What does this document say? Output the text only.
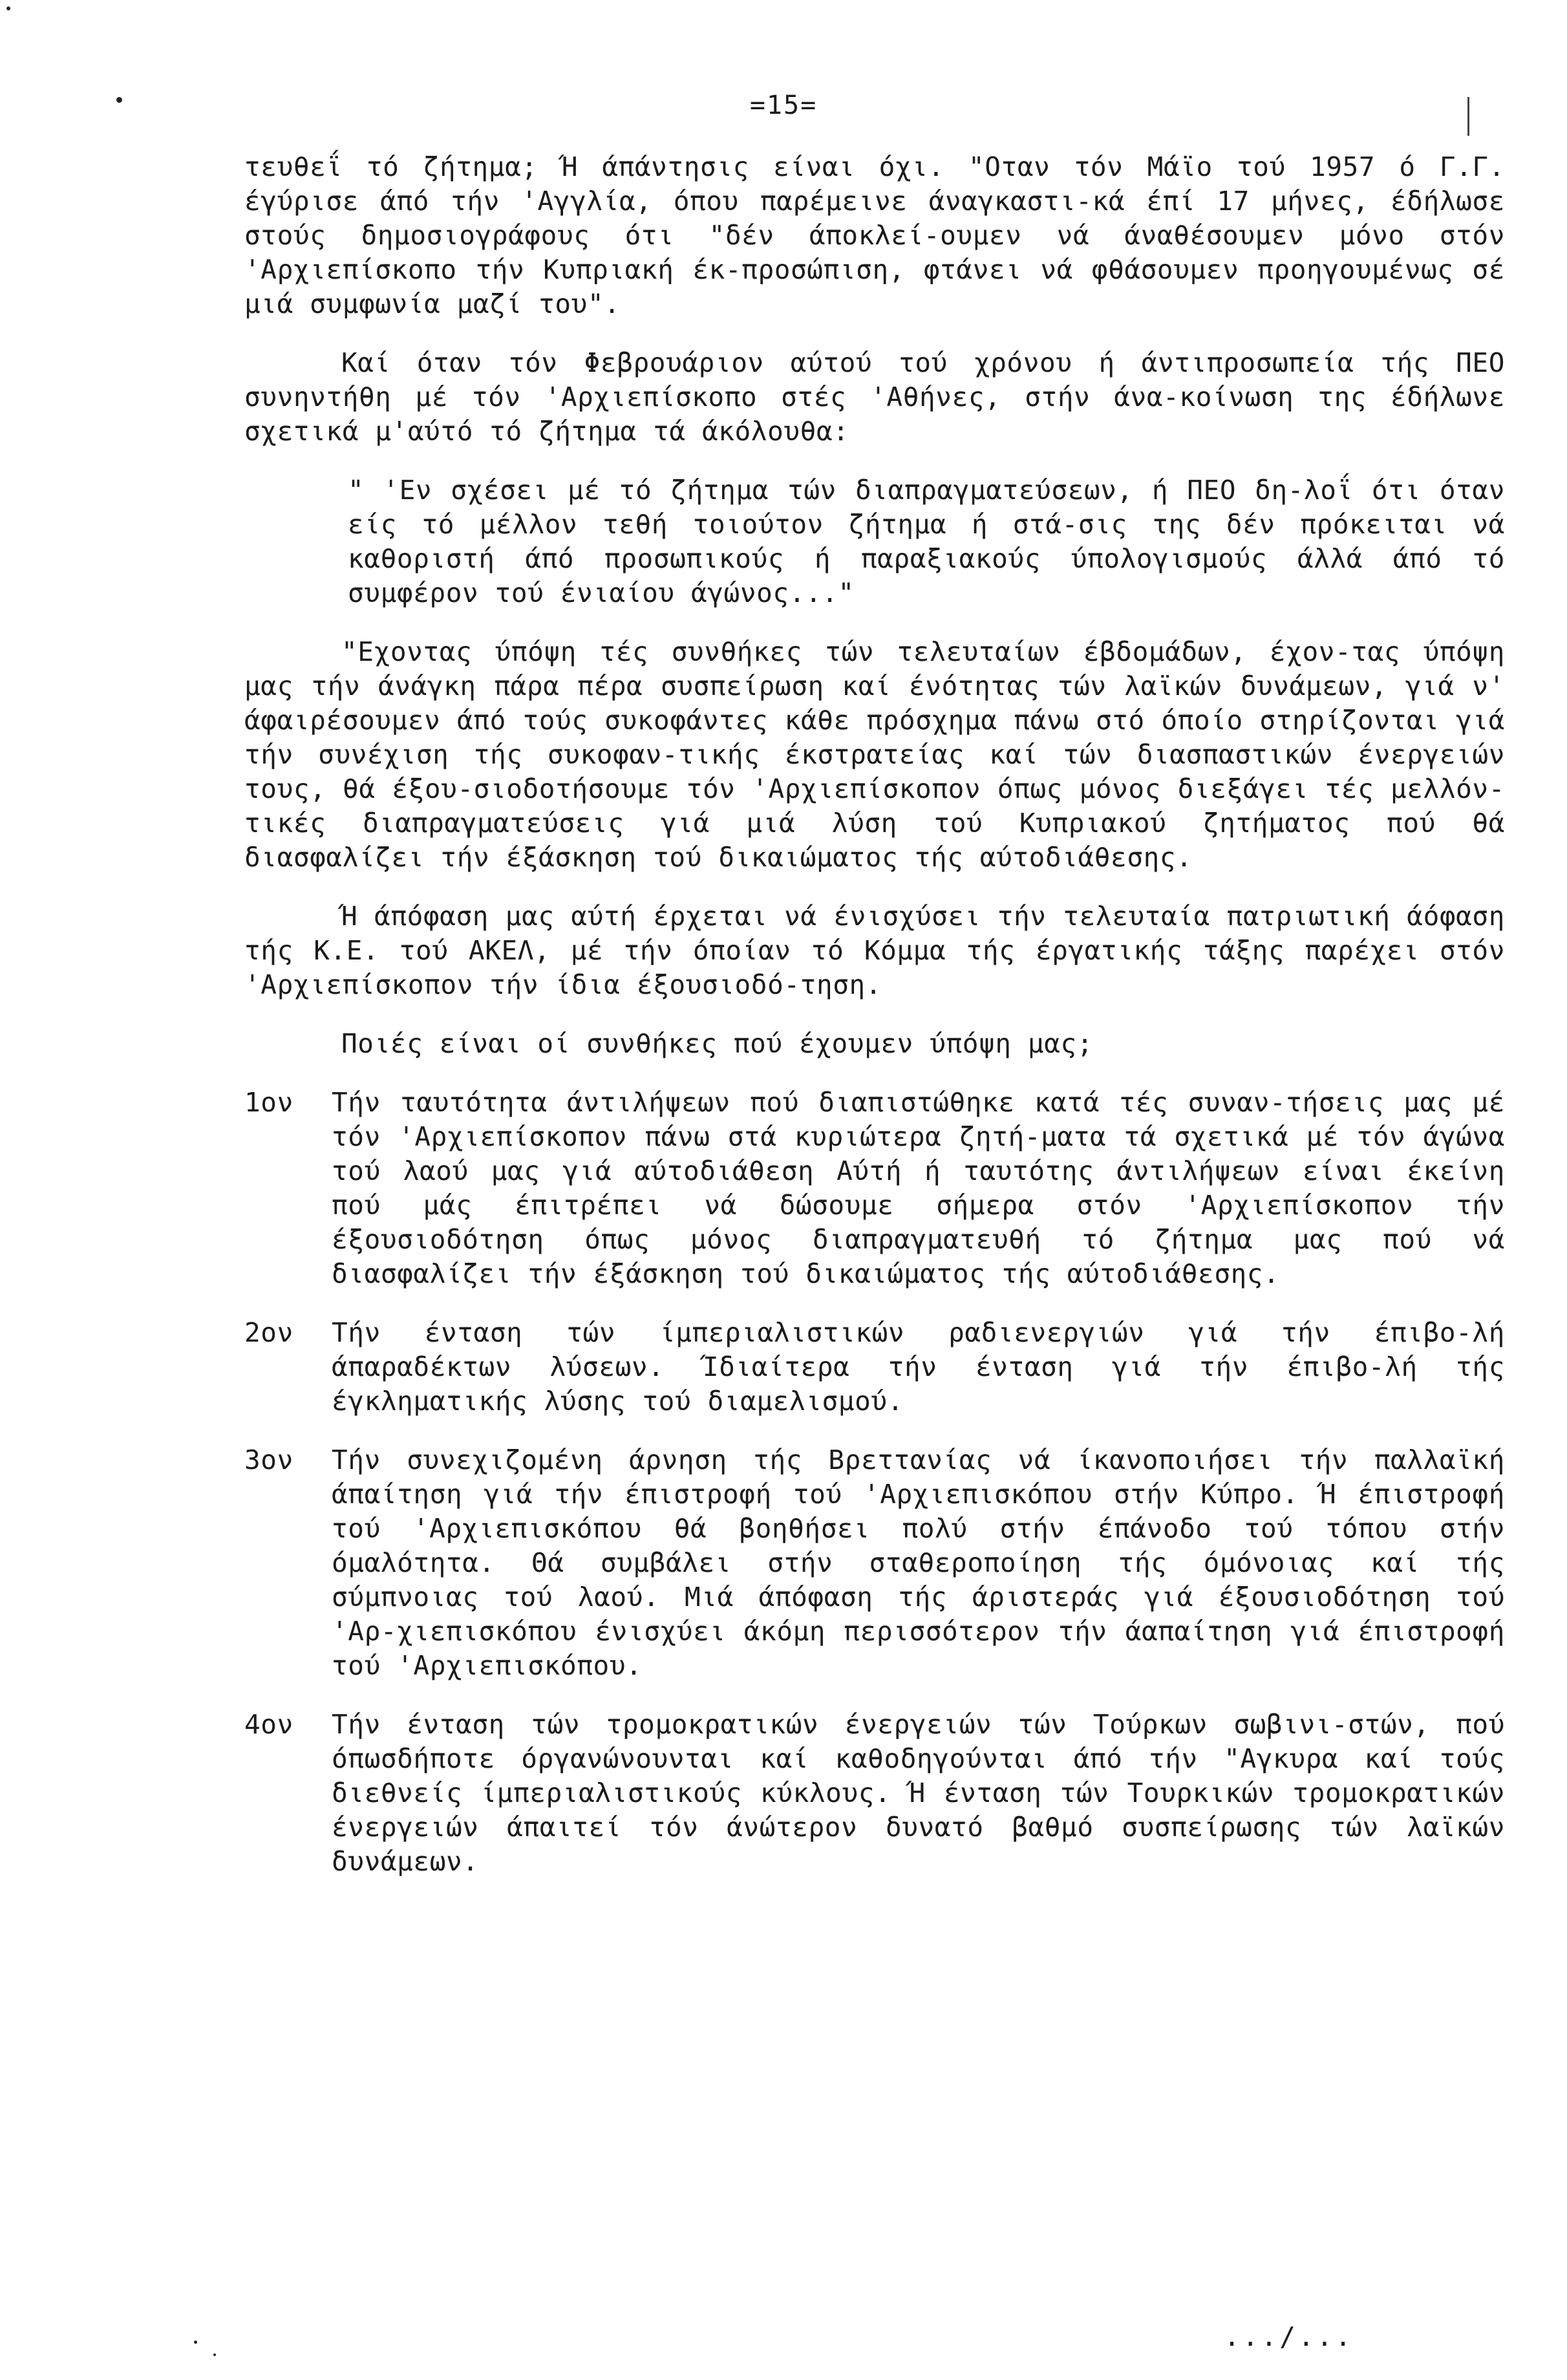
=15=

τευθεΐ τό ζήτημα; Ή άπάντησις είναι όχι. "Οταν τόν Μάϊο τού 1957 ό Γ.Γ. έγύρισε άπό τήν 'Αγγλία, όπου παρέμεινε άναγκαστι-κά έπί 17 μήνες, έδήλωσε στούς δημοσιογράφους ότι "δέν άποκλεί-ουμεν νά άναθέσουμεν μόνο στόν 'Αρχιεπίσκοπο τήν Κυπριακή έκ-προσώπιση, φτάνει νά φθάσουμεν προηγουμένως σέ μιά συμφωνία μαζί του".

Καί όταν τόν Φεβρουάριον αύτού τού χρόνου ή άντιπροσωπεία τής ΠΕΟ συνηντήθη μέ τόν 'Αρχιεπίσκοπο στές 'Αθήνες, στήν άνα-κοίνωση της έδήλωνε σχετικά μ'αύτό τό ζήτημα τά άκόλουθα:

" 'Εν σχέσει μέ τό ζήτημα τών διαπραγματεύσεων, ή ΠΕΟ δη-λοΐ ότι όταν είς τό μέλλον τεθή τοιούτον ζήτημα ή στά-σις της δέν πρόκειται νά καθοριστή άπό προσωπικούς ή παραξιακούς ύπολογισμούς άλλά άπό τό συμφέρον τού ένιαίου άγώνος..."

"Εχοντας ύπόψη τές συνθήκες τών τελευταίων έβδομάδων, έχον-τας ύπόψη μας τήν άνάγκη πάρα πέρα συσπείρωση καί ένότητας τών λαϊκών δυνάμεων, γιά ν' άφαιρέσουμεν άπό τούς συκοφάντες κάθε πρόσχημα πάνω στό όποίο στηρίζονται γιά τήν συνέχιση τής συκοφαν-τικής έκστρατείας καί τών διασπαστικών ένεργειών τους, θά έξου-σιοδοτήσουμε τόν 'Αρχιεπίσκοπον όπως μόνος διεξάγει τές μελλόν-τικές διαπραγματεύσεις γιά μιά λύση τού Κυπριακού ζητήματος πού θά διασφαλίζει τήν έξάσκηση τού δικαιώματος τής αύτοδιάθεσης.

Ή άπόφαση μας αύτή έρχεται νά ένισχύσει τήν τελευταία πατριωτική άόφαση τής Κ.Ε. τού ΑΚΕΛ, μέ τήν όποίαν τό Κόμμα τής έργατικής τάξης παρέχει στόν 'Αρχιεπίσκοπον τήν ίδια έξουσιοδό-τηση.

Ποιές είναι οί συνθήκες πού έχουμεν ύπόψη μας;

1ον	Τήν ταυτότητα άντιλήψεων πού διαπιστώθηκε κατά τές συναν-τήσεις μας μέ τόν 'Αρχιεπίσκοπον πάνω στά κυριώτερα ζητή-ματα τά σχετικά μέ τόν άγώνα τού λαού μας γιά αύτοδιάθεση Αύτή ή ταυτότης άντιλήψεων είναι έκείνη πού μάς έπιτρέπει νά δώσουμε σήμερα στόν 'Αρχιεπίσκοπον τήν έξουσιοδότηση όπως μόνος διαπραγματευθή τό ζήτημα μας πού νά διασφαλίζει τήν έξάσκηση τού δικαιώματος τής αύτοδιάθεσης.
2ον	Τήν ένταση τών ίμπεριαλιστικών ραδιενεργιών γιά τήν έπιβο-λή άπαραδέκτων λύσεων. Ίδιαίτερα τήν ένταση γιά τήν έπιβο-λή τής έγκληματικής λύσης τού διαμελισμού.
3ον	Τήν συνεχιζομένη άρνηση τής Βρεττανίας νά ίκανοποιήσει τήν παλλαϊκή άπαίτηση γιά τήν έπιστροφή τού 'Αρχιεπισκόπου στήν Κύπρο. Ή έπιστροφή τού 'Αρχιεπισκόπου θά βοηθήσει πολύ στήν έπάνοδο τού τόπου στήν όμαλότητα. Θά συμβάλει στήν σταθεροποίηση τής όμόνοιας καί τής σύμπνοιας τού λαού. Μιά άπόφαση τής άριστεράς γιά έξουσιοδότηση τού 'Αρ-χιεπισκόπου ένισχύει άκόμη περισσότερον τήν άαπαίτηση γιά έπιστροφή τού 'Αρχιεπισκόπου.
4ον	Τήν ένταση τών τρομοκρατικών ένεργειών τών Τούρκων σωβινι-στών, πού όπωσδήποτε όργανώνουνται καί καθοδηγούνται άπό τήν "Αγκυρα καί τούς διεθνείς ίμπεριαλιστικούς κύκλους. Ή ένταση τών Τουρκικών τρομοκρατικών ένεργειών άπαιτεί τόν άνώτερον δυνατό βαθμό συσπείρωσης τών λαϊκών δυνάμεων.
.../...
